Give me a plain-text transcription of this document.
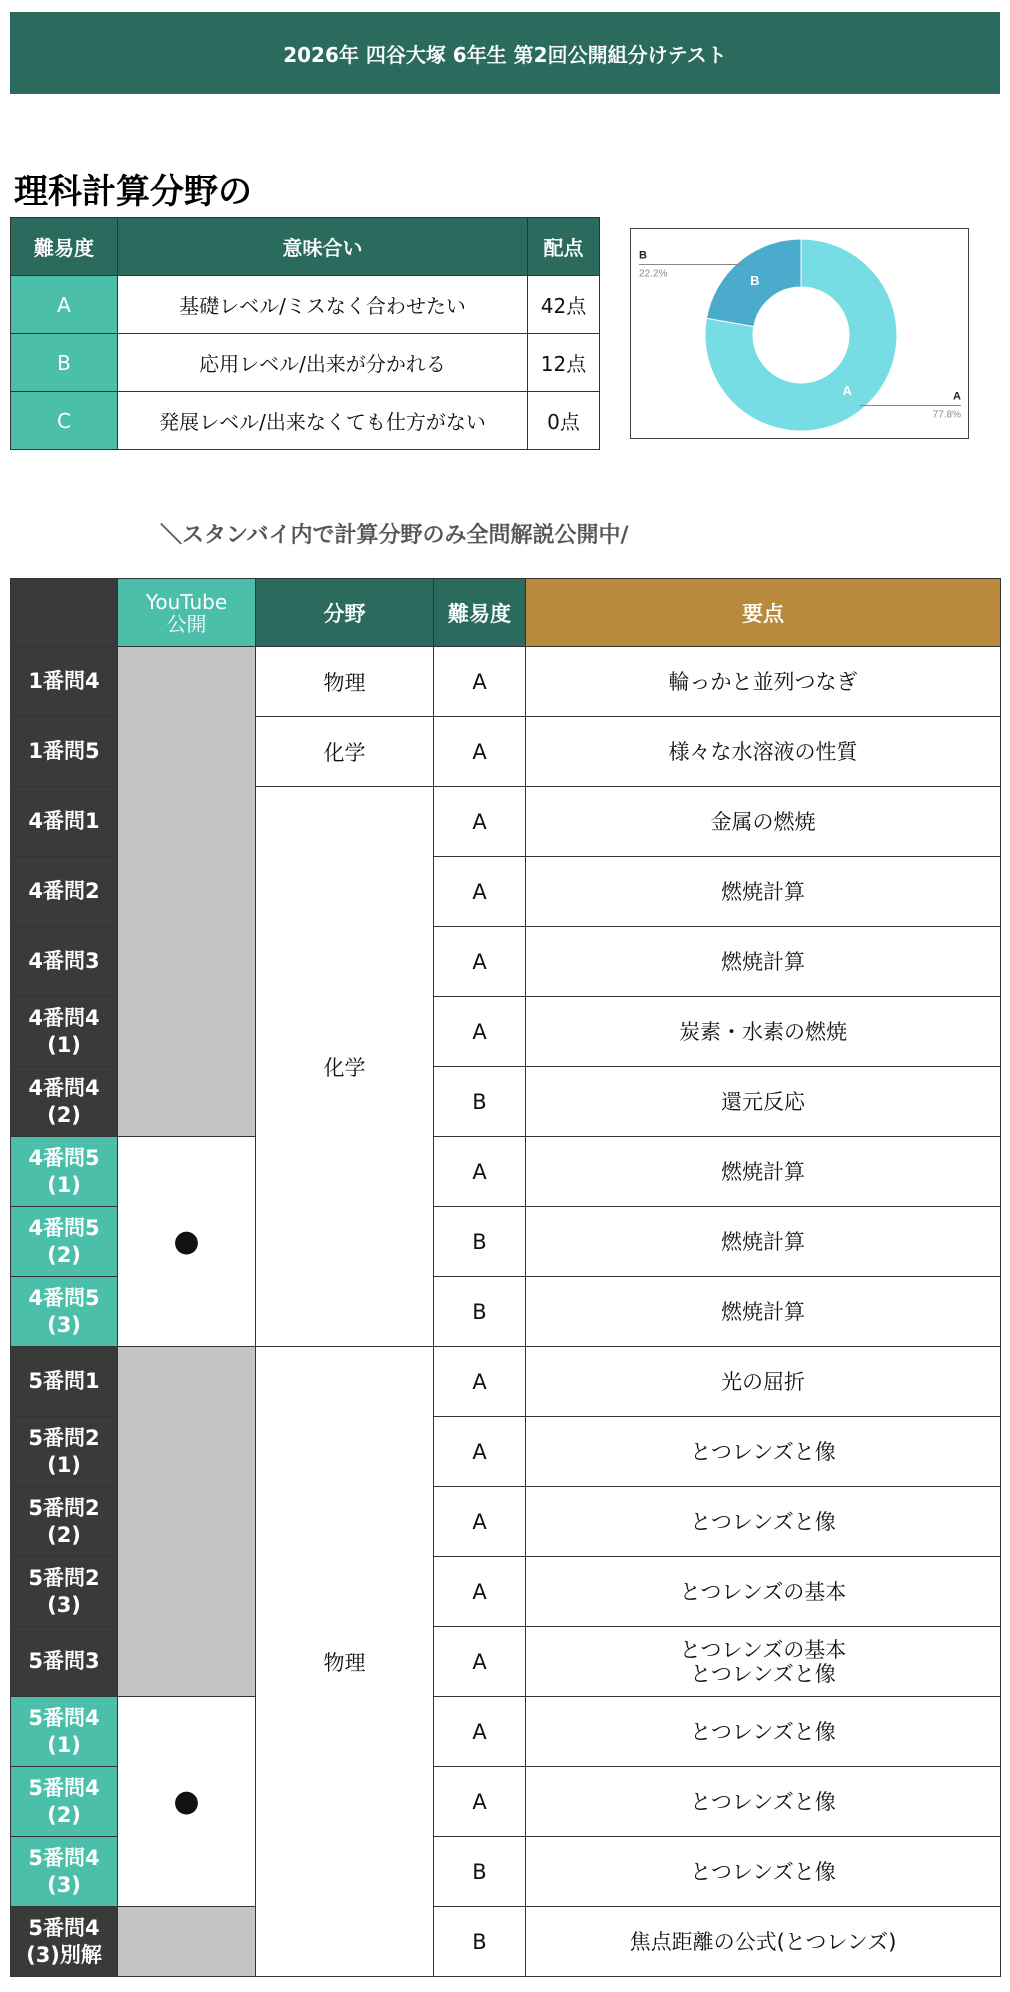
2026年 四谷大塚 6年生 第2回公開組分けテスト
理科計算分野の
難易度	意味合い	配点
A	基礎レベル/ミスなく合わせたい	42点
B	応用レベル/出来が分かれる	12点
C	発展レベル/出来なくても仕方がない	0点
A	A
77.8%
B
B
22.2%
＼スタンバイ内で計算分野のみ全問解説公開中/
	YouTube
公開	分野	難易度	要点
1番問4		物理	A	輪っかと並列つなぎ
1番問5		化学	A	様々な水溶液の性質
4番問1		化学	A	金属の燃焼
4番問2			A	燃焼計算
4番問3			A	燃焼計算
4番問4
(1)			A	炭素・水素の燃焼
4番問4
(2)			B	還元反応
4番問5
(1)	●		A	燃焼計算
4番問5
(2)			B	燃焼計算
4番問5
(3)			B	燃焼計算
5番問1		物理	A	光の屈折
5番問2
(1)			A	とつレンズと像
5番問2
(2)			A	とつレンズと像
5番問2
(3)			A	とつレンズの基本
5番問3			A	とつレンズの基本
とつレンズと像
5番問4
(1)	●		A	とつレンズと像
5番問4
(2)			A	とつレンズと像
5番問4
(3)			B	とつレンズと像
5番問4
(3)別解			B	焦点距離の公式(とつレンズ)
